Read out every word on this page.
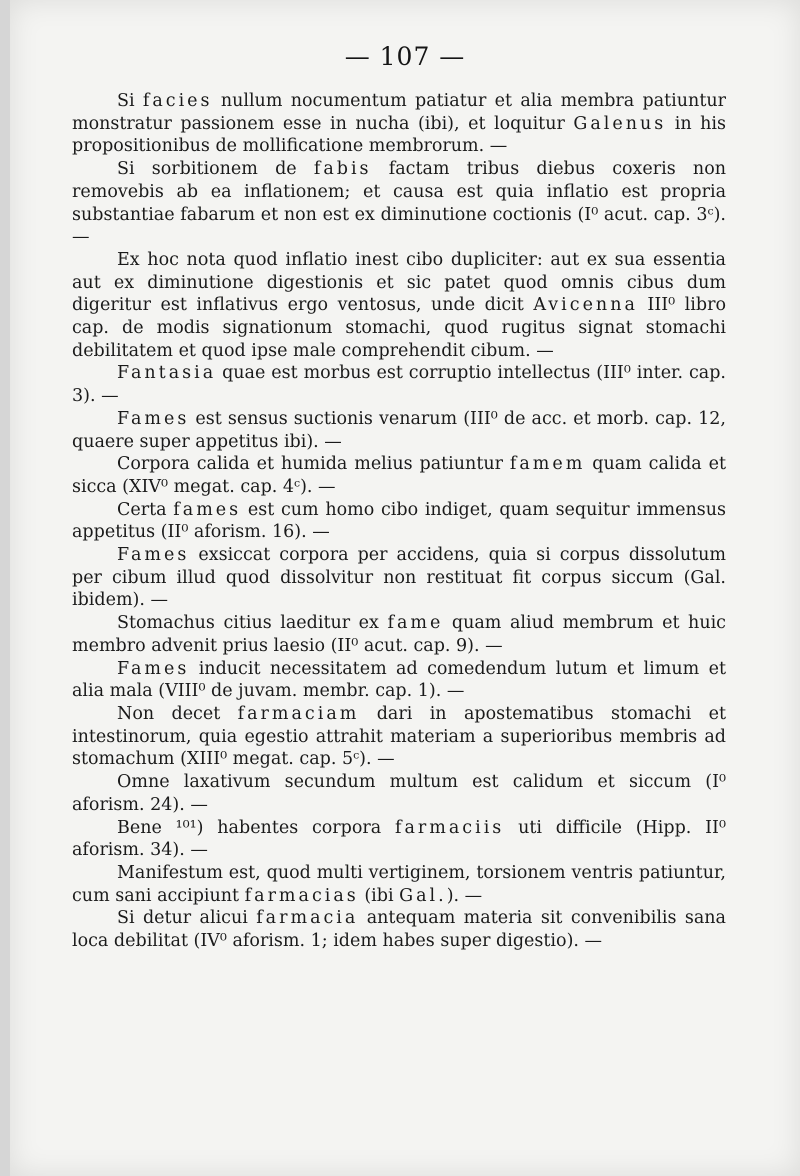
— 107 —

Si facies nullum nocumentum patiatur et alia membra patiuntur monstratur passionem esse in nucha (ibi), et loquitur Galenus in his propositionibus de mollificatione membrorum. —

Si sorbitionem de fabis factam tribus diebus coxeris non removebis ab ea inflationem; et causa est quia inflatio est propria substantiae fabarum et non est ex diminutione coctionis (I⁰ acut. cap. 3ᶜ). —

Ex hoc nota quod inflatio inest cibo dupliciter: aut ex sua essentia aut ex diminutione digestionis et sic patet quod omnis cibus dum digeritur est inflativus ergo ventosus, unde dicit Avicenna III⁰ libro cap. de modis signationum stomachi, quod rugitus signat stomachi debilitatem et quod ipse male comprehendit cibum. —

Fantasia quae est morbus est corruptio intellectus (III⁰ inter. cap. 3). —

Fames est sensus suctionis venarum (III⁰ de acc. et morb. cap. 12, quaere super appetitus ibi). —

Corpora calida et humida melius patiuntur famem quam calida et sicca (XIV⁰ megat. cap. 4ᶜ). —

Certa fames est cum homo cibo indiget, quam sequitur immensus appetitus (II⁰ aforism. 16). —

Fames exsiccat corpora per accidens, quia si corpus dissolutum per cibum illud quod dissolvitur non restituat fit corpus siccum (Gal. ibidem). —

Stomachus citius laeditur ex fame quam aliud membrum et huic membro advenit prius laesio (II⁰ acut. cap. 9). —

Fames inducit necessitatem ad comedendum lutum et limum et alia mala (VIII⁰ de juvam. membr. cap. 1). —

Non decet farmaciam dari in apostematibus stomachi et intestinorum, quia egestio attrahit materiam a superioribus membris ad stomachum (XIII⁰ megat. cap. 5ᶜ). —

Omne laxativum secundum multum est calidum et siccum (I⁰ aforism. 24). —

Bene ¹⁰¹) habentes corpora farmaciis uti difficile (Hipp. II⁰ aforism. 34). —

Manifestum est, quod multi vertiginem, torsionem ventris patiuntur, cum sani accipiunt farmacias (ibi Gal.). —

Si detur alicui farmacia antequam materia sit convenibilis sana loca debilitat (IV⁰ aforism. 1; idem habes super digestio). —
